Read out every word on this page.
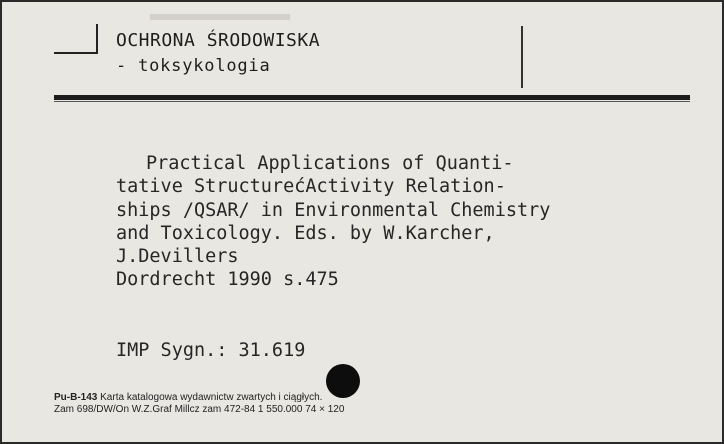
OCHRONA ŚRODOWISKA
- toksykologia
Practical Applications of Quanti-
tative StructurećActivity Relation-
ships /QSAR/ in Environmental Chemistry
and Toxicology. Eds. by W.Karcher,
J.Devillers
Dordrecht 1990 s.475
IMP Sygn.: 31.619
Pu-B-143 Karta katalogowa wydawnictw zwartych i ciągłych.
Zam 698/DW/On W.Z.Graf Millcz zam 472-84 1 550.000 74 × 120
